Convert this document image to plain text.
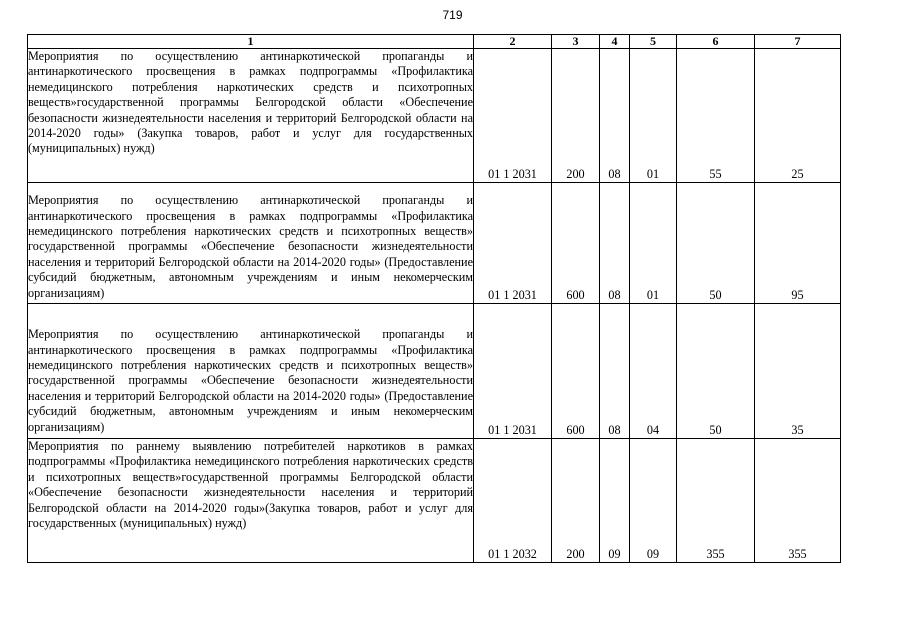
719
1	2	3	4	5	6	7
Мероприятия по осуществлению антинаркотической пропаганды и антинаркотического просвещения в рамках подпрограммы «Профилактика немедицинского потребления наркотических средств и психотропных веществ»государственной программы Белгородской области «Обеспечение безопасности жизнедеятельности населения и территорий Белгородской области на 2014-2020 годы» (Закупка товаров, работ и услуг для государственных (муниципальных) нужд)	01 1 2031	200	08	01	55	25
Мероприятия по осуществлению антинаркотической пропаганды и антинаркотического просвещения в рамках подпрограммы «Профилактика немедицинского потребления наркотических средств и психотропных веществ» государственной программы «Обеспечение безопасности жизнедеятельности населения и территорий Белгородской области на 2014-2020 годы» (Предоставление субсидий бюджетным, автономным учреждениям и иным некомерческим организациям)	01 1 2031	600	08	01	50	95
Мероприятия по осуществлению антинаркотической пропаганды и антинаркотического просвещения в рамках подпрограммы «Профилактика немедицинского потребления наркотических средств и психотропных веществ» государственной программы «Обеспечение безопасности жизнедеятельности населения и территорий Белгородской области на 2014-2020 годы» (Предоставление субсидий бюджетным, автономным учреждениям и иным некомерческим организациям)	01 1 2031	600	08	04	50	35
Мероприятия по раннему выявлению потребителей наркотиков в рамках подпрограммы «Профилактика немедицинского потребления наркотических средств и психотропных веществ»государственной программы Белгородской области «Обеспечение безопасности жизнедеятельности населения и территорий Белгородской области на 2014-2020 годы»(Закупка товаров, работ и услуг для государственных (муниципальных) нужд)	01 1 2032	200	09	09	355	355
